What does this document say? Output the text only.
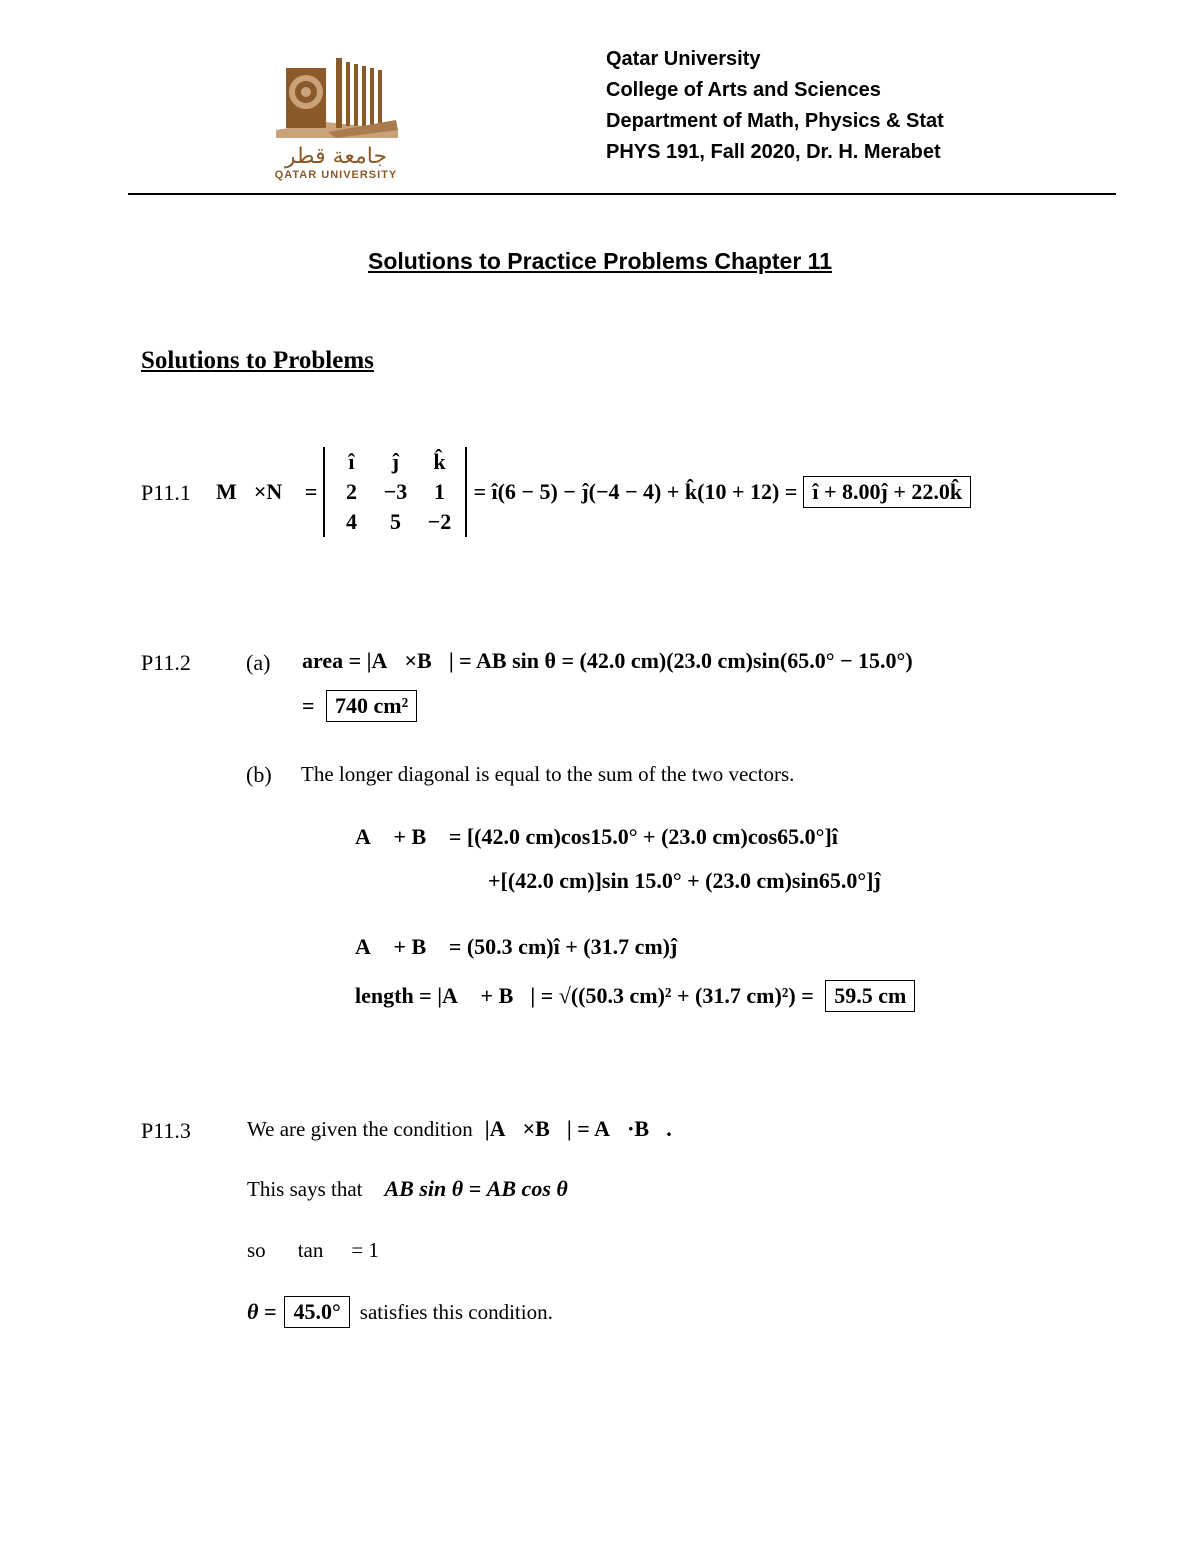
جامعة قطر
QATAR UNIVERSITY
Qatar University
College of Arts and Sciences
Department of Math, Physics & Stat
PHYS 191, Fall 2020, Dr. H. Merabet
Solutions to Practice Problems Chapter 11
Solutions to Problems
P11.1 M⃗×N⃗ =
î	ĵ	k̂
2	−3	1
4	5	−2
= î(6 − 5) − ĵ(−4 − 4) + k̂(10 + 12) = î + 8.00ĵ + 22.0k̂
P11.2	(a) area = |A⃗×B⃗| = AB sin θ = (42.0 cm)(23.0 cm)sin(65.0° − 15.0°)
= 740 cm²
(b) The longer diagonal is equal to the sum of the two vectors.
A⃗ + B⃗ = [(42.0 cm)cos15.0° + (23.0 cm)cos65.0°]î
+[(42.0 cm)]sin 15.0° + (23.0 cm)sin65.0°]ĵ
A⃗ + B⃗ = (50.3 cm)î + (31.7 cm)ĵ
length = |A⃗ + B⃗| = √((50.3 cm)² + (31.7 cm)²) = 59.5 cm
P11.3	We are given the condition |A⃗×B⃗| = A⃗·B⃗.
This says that AB sin θ = AB cos θ
so tan = 1
θ = 45.0° satisfies this condition.
